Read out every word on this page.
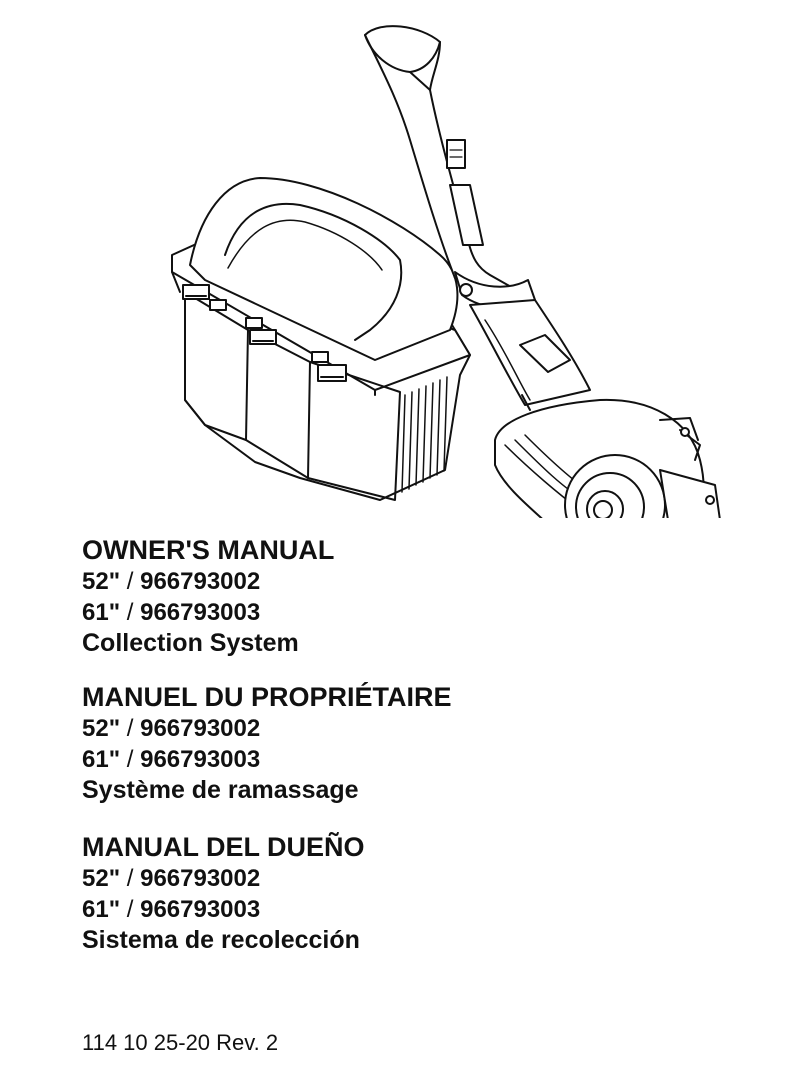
OWNER'S MANUAL
52" / 966793002
61" / 966793003
Collection System
MANUEL DU PROPRIÉTAIRE
52" / 966793002
61" / 966793003
Système de ramassage
MANUAL DEL DUEÑO
52" / 966793002
61" / 966793003
Sistema de recolección
114 10 25-20 Rev. 2
